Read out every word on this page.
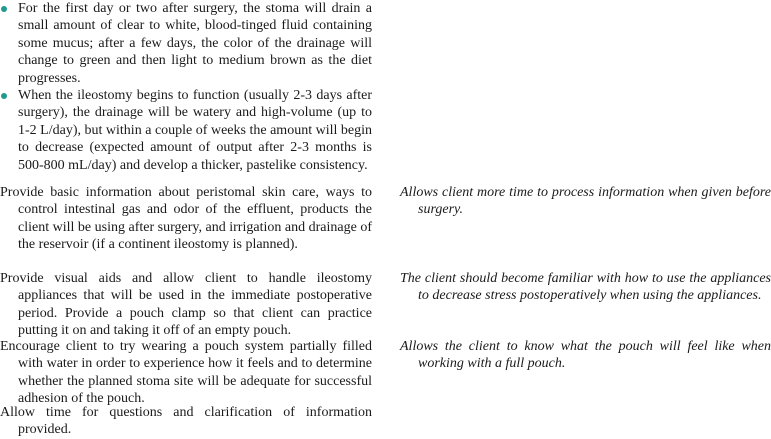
For the first day or two after surgery, the stoma will drain a small amount of clear to white, blood-tinged fluid containing some mucus; after a few days, the color of the drainage will change to green and then light to medium brown as the diet progresses.
When the ileostomy begins to function (usually 2-3 days after surgery), the drainage will be watery and high-volume (up to 1-2 L/day), but within a couple of weeks the amount will begin to decrease (expected amount of output after 2-3 months is 500-800 mL/day) and develop a thicker, pastelike consistency.
Provide basic information about peristomal skin care, ways to control intestinal gas and odor of the effluent, products the client will be using after surgery, and irrigation and drainage of the reservoir (if a continent ileostomy is planned).
Allows client more time to process information when given before surgery.
Provide visual aids and allow client to handle ileostomy appliances that will be used in the immediate postoperative period. Provide a pouch clamp so that client can practice putting it on and taking it off of an empty pouch.
The client should become familiar with how to use the appliances to decrease stress postoperatively when using the appliances.
Encourage client to try wearing a pouch system partially filled with water in order to experience how it feels and to determine whether the planned stoma site will be adequate for successful adhesion of the pouch.
Allows the client to know what the pouch will feel like when working with a full pouch.
Allow time for questions and clarification of information provided.
